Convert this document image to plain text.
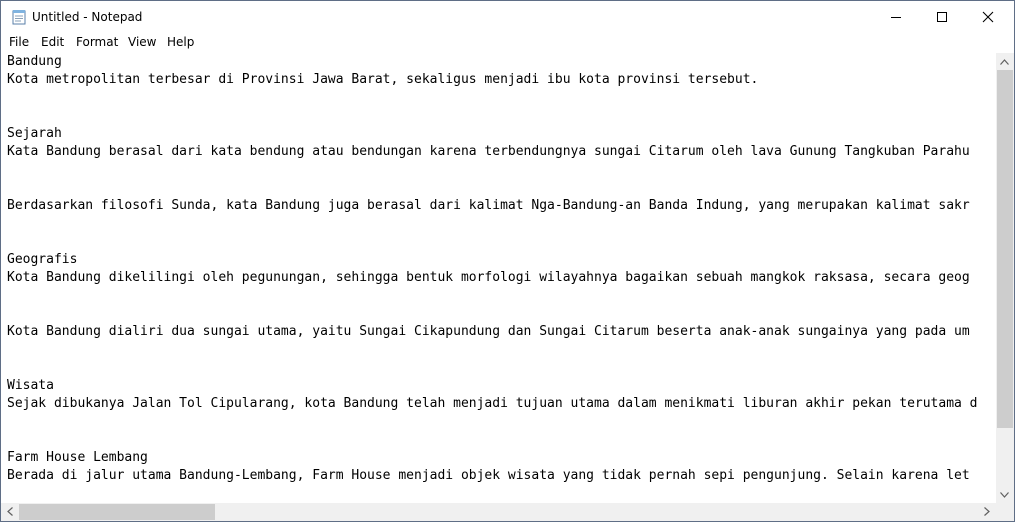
Untitled - Notepad
File Edit Format View Help
Bandung
Kota metropolitan terbesar di Provinsi Jawa Barat, sekaligus menjadi ibu kota provinsi tersebut.

Sejarah
Kata Bandung berasal dari kata bendung atau bendungan karena terbendungnya sungai Citarum oleh lava Gunung Tangkuban Parahu

Berdasarkan filosofi Sunda, kata Bandung juga berasal dari kalimat Nga-Bandung-an Banda Indung, yang merupakan kalimat sakr

Geografis
Kota Bandung dikelilingi oleh pegunungan, sehingga bentuk morfologi wilayahnya bagaikan sebuah mangkok raksasa, secara geog

Kota Bandung dialiri dua sungai utama, yaitu Sungai Cikapundung dan Sungai Citarum beserta anak-anak sungainya yang pada um

Wisata
Sejak dibukanya Jalan Tol Cipularang, kota Bandung telah menjadi tujuan utama dalam menikmati liburan akhir pekan terutama d

Farm House Lembang
Berada di jalur utama Bandung-Lembang, Farm House menjadi objek wisata yang tidak pernah sepi pengunjung. Selain karena let
